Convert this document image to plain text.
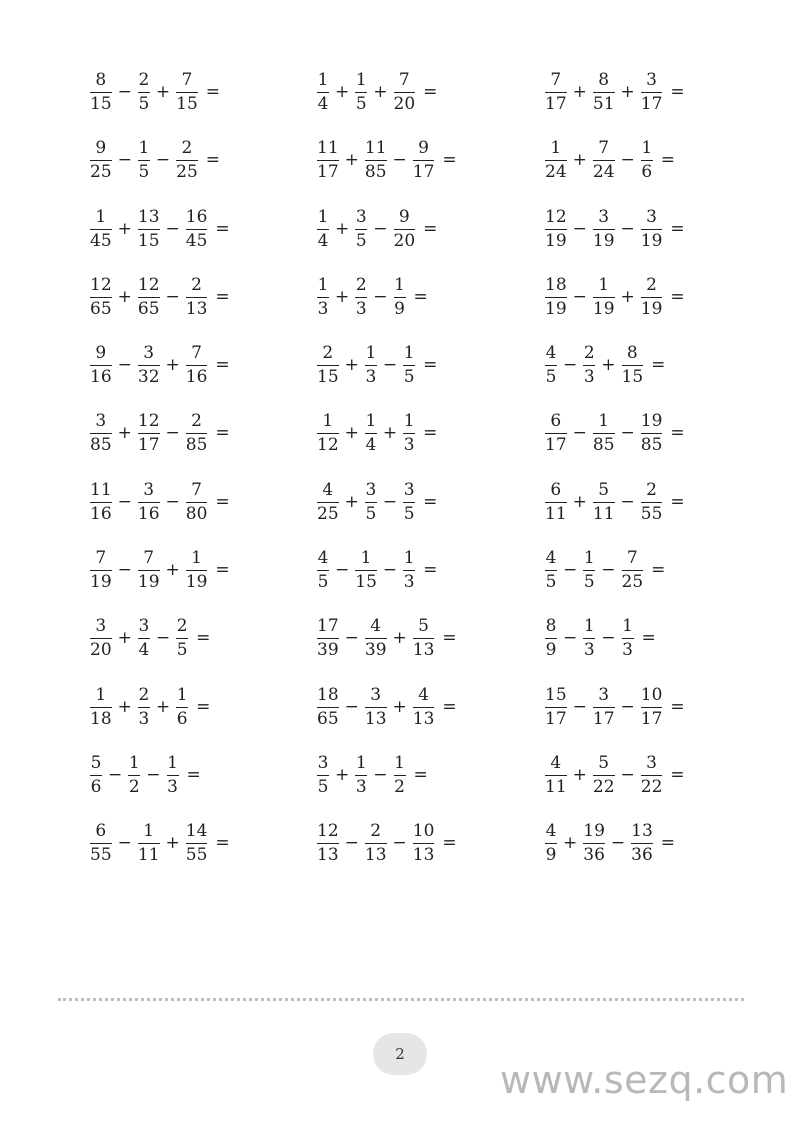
$\frac{8}{15} - \frac{2}{5} + \frac{7}{15}$ =	$\frac{1}{4} + \frac{1}{5} + \frac{7}{20}$ =	$\frac{7}{17} + \frac{8}{51} + \frac{3}{17}$ =
$\frac{9}{25} - \frac{1}{5} - \frac{2}{25}$ =	$\frac{11}{17} + \frac{11}{85} - \frac{9}{17}$ =	$\frac{1}{24} + \frac{7}{24} - \frac{1}{6}$ =
$\frac{1}{45} + \frac{13}{15} - \frac{16}{45}$ =	$\frac{1}{4} + \frac{3}{5} - \frac{9}{20}$ =	$\frac{12}{19} - \frac{3}{19} - \frac{3}{19}$ =
$\frac{12}{65} + \frac{12}{65} - \frac{2}{13}$ =	$\frac{1}{3} + \frac{2}{3} - \frac{1}{9}$ =	$\frac{18}{19} - \frac{1}{19} + \frac{2}{19}$ =
$\frac{9}{16} - \frac{3}{32} + \frac{7}{16}$ =	$\frac{2}{15} + \frac{1}{3} - \frac{1}{5}$ =	$\frac{4}{5} - \frac{2}{3} + \frac{8}{15}$ =
$\frac{3}{85} + \frac{12}{17} - \frac{2}{85}$ =	$\frac{1}{12} + \frac{1}{4} + \frac{1}{3}$ =	$\frac{6}{17} - \frac{1}{85} - \frac{19}{85}$ =
$\frac{11}{16} - \frac{3}{16} - \frac{7}{80}$ =	$\frac{4}{25} + \frac{3}{5} - \frac{3}{5}$ =	$\frac{6}{11} + \frac{5}{11} - \frac{2}{55}$ =
$\frac{7}{19} - \frac{7}{19} + \frac{1}{19}$ =	$\frac{4}{5} - \frac{1}{15} - \frac{1}{3}$ =	$\frac{4}{5} - \frac{1}{5} - \frac{7}{25}$ =
$\frac{3}{20} + \frac{3}{4} - \frac{2}{5}$ =	$\frac{17}{39} - \frac{4}{39} + \frac{5}{13}$ =	$\frac{8}{9} - \frac{1}{3} - \frac{1}{3}$ =
$\frac{1}{18} + \frac{2}{3} + \frac{1}{6}$ =	$\frac{18}{65} - \frac{3}{13} + \frac{4}{13}$ =	$\frac{15}{17} - \frac{3}{17} - \frac{10}{17}$ =
$\frac{5}{6} - \frac{1}{2} - \frac{1}{3}$ =	$\frac{3}{5} + \frac{1}{3} - \frac{1}{2}$ =	$\frac{4}{11} + \frac{5}{22} - \frac{3}{22}$ =
$\frac{6}{55} - \frac{1}{11} + \frac{14}{55}$ =	$\frac{12}{13} - \frac{2}{13} - \frac{10}{13}$ =	$\frac{4}{9} + \frac{19}{36} - \frac{13}{36}$ =
2
www.sezq.com
